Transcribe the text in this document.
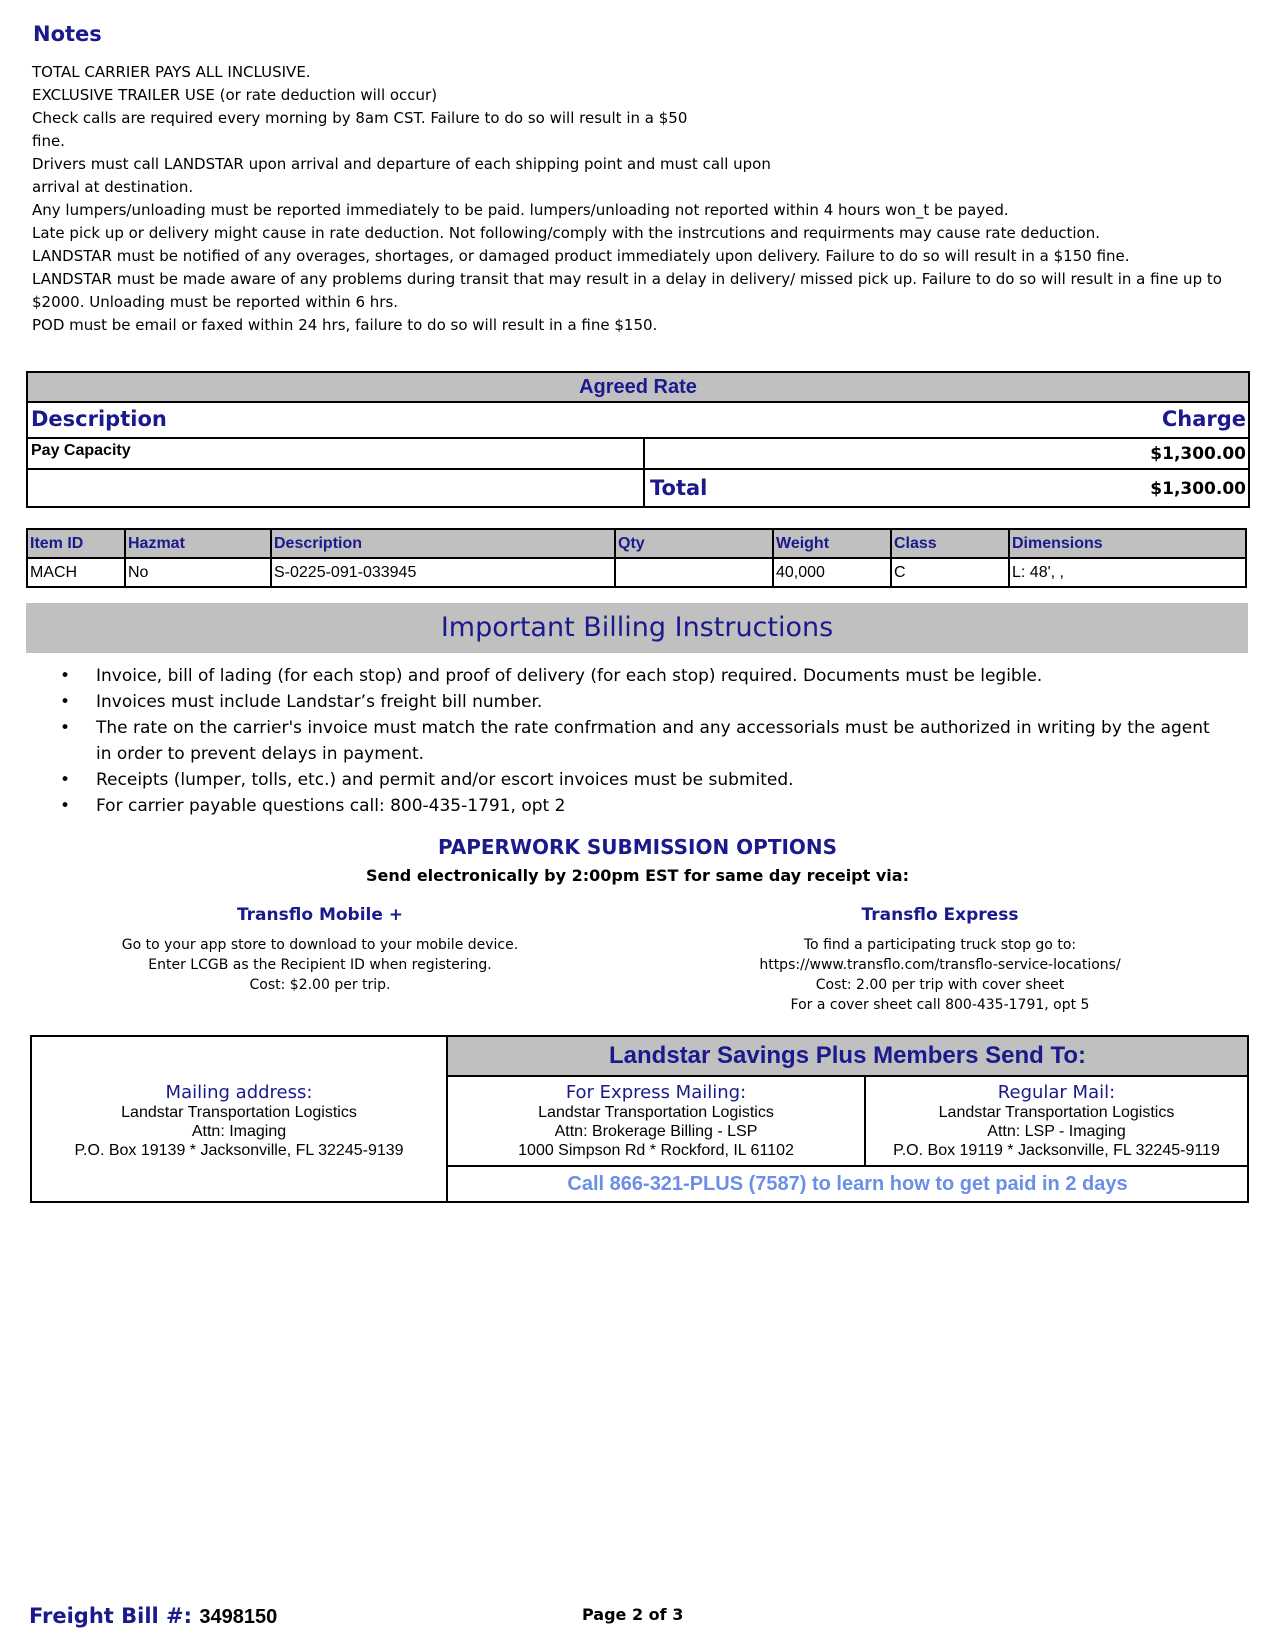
Notes
TOTAL CARRIER PAYS ALL INCLUSIVE.
EXCLUSIVE TRAILER USE (or rate deduction will occur)
Check calls are required every morning by 8am CST. Failure to do so will result in a $50
fine.
Drivers must call LANDSTAR upon arrival and departure of each shipping point and must call upon
arrival at destination.
Any lumpers/unloading must be reported immediately to be paid. lumpers/unloading not reported within 4 hours won_t be payed.
Late pick up or delivery might cause in rate deduction. Not following/comply with the instrcutions and requirments may cause rate deduction.
LANDSTAR must be notified of any overages, shortages, or damaged product immediately upon delivery. Failure to do so will result in a $150 fine.
LANDSTAR must be made aware of any problems during transit that may result in a delay in delivery/ missed pick up. Failure to do so will result in a fine up to
$2000. Unloading must be reported within 6 hrs.
POD must be email or faxed within 24 hrs, failure to do so will result in a fine $150.
Agreed Rate
Description	Charge
Pay Capacity	$1,300.00
Total	$1,300.00
Item ID	Hazmat	Description	Qty	Weight	Class	Dimensions
MACH	No	S-0225-091-033945		40,000	C	L: 48', ,
Important Billing Instructions
• Invoice, bill of lading (for each stop) and proof of delivery (for each stop) required. Documents must be legible.
• Invoices must include Landstar’s freight bill number.
• The rate on the carrier's invoice must match the rate confrmation and any accessorials must be authorized in writing by the agent in order to prevent delays in payment.
• Receipts (lumper, tolls, etc.) and permit and/or escort invoices must be submited.
• For carrier payable questions call: 800-435-1791, opt 2
PAPERWORK SUBMISSION OPTIONS
Send electronically by 2:00pm EST for same day receipt via:
Transflo Mobile +
Go to your app store to download to your mobile device.
Enter LCGB as the Recipient ID when registering.
Cost: $2.00 per trip.
Transflo Express
To find a participating truck stop go to:
https://www.transflo.com/transflo-service-locations/
Cost: 2.00 per trip with cover sheet
For a cover sheet call 800-435-1791, opt 5
Mailing address:
Landstar Transportation Logistics
Attn: Imaging
P.O. Box 19139 * Jacksonville, FL 32245-9139
Landstar Savings Plus Members Send To:
For Express Mailing:
Landstar Transportation Logistics
Attn: Brokerage Billing - LSP
1000 Simpson Rd * Rockford, IL 61102
Regular Mail:
Landstar Transportation Logistics
Attn: LSP - Imaging
P.O. Box 19119 * Jacksonville, FL 32245-9119
Call 866-321-PLUS (7587) to learn how to get paid in 2 days
Freight Bill #: 3498150	Page 2 of 3
